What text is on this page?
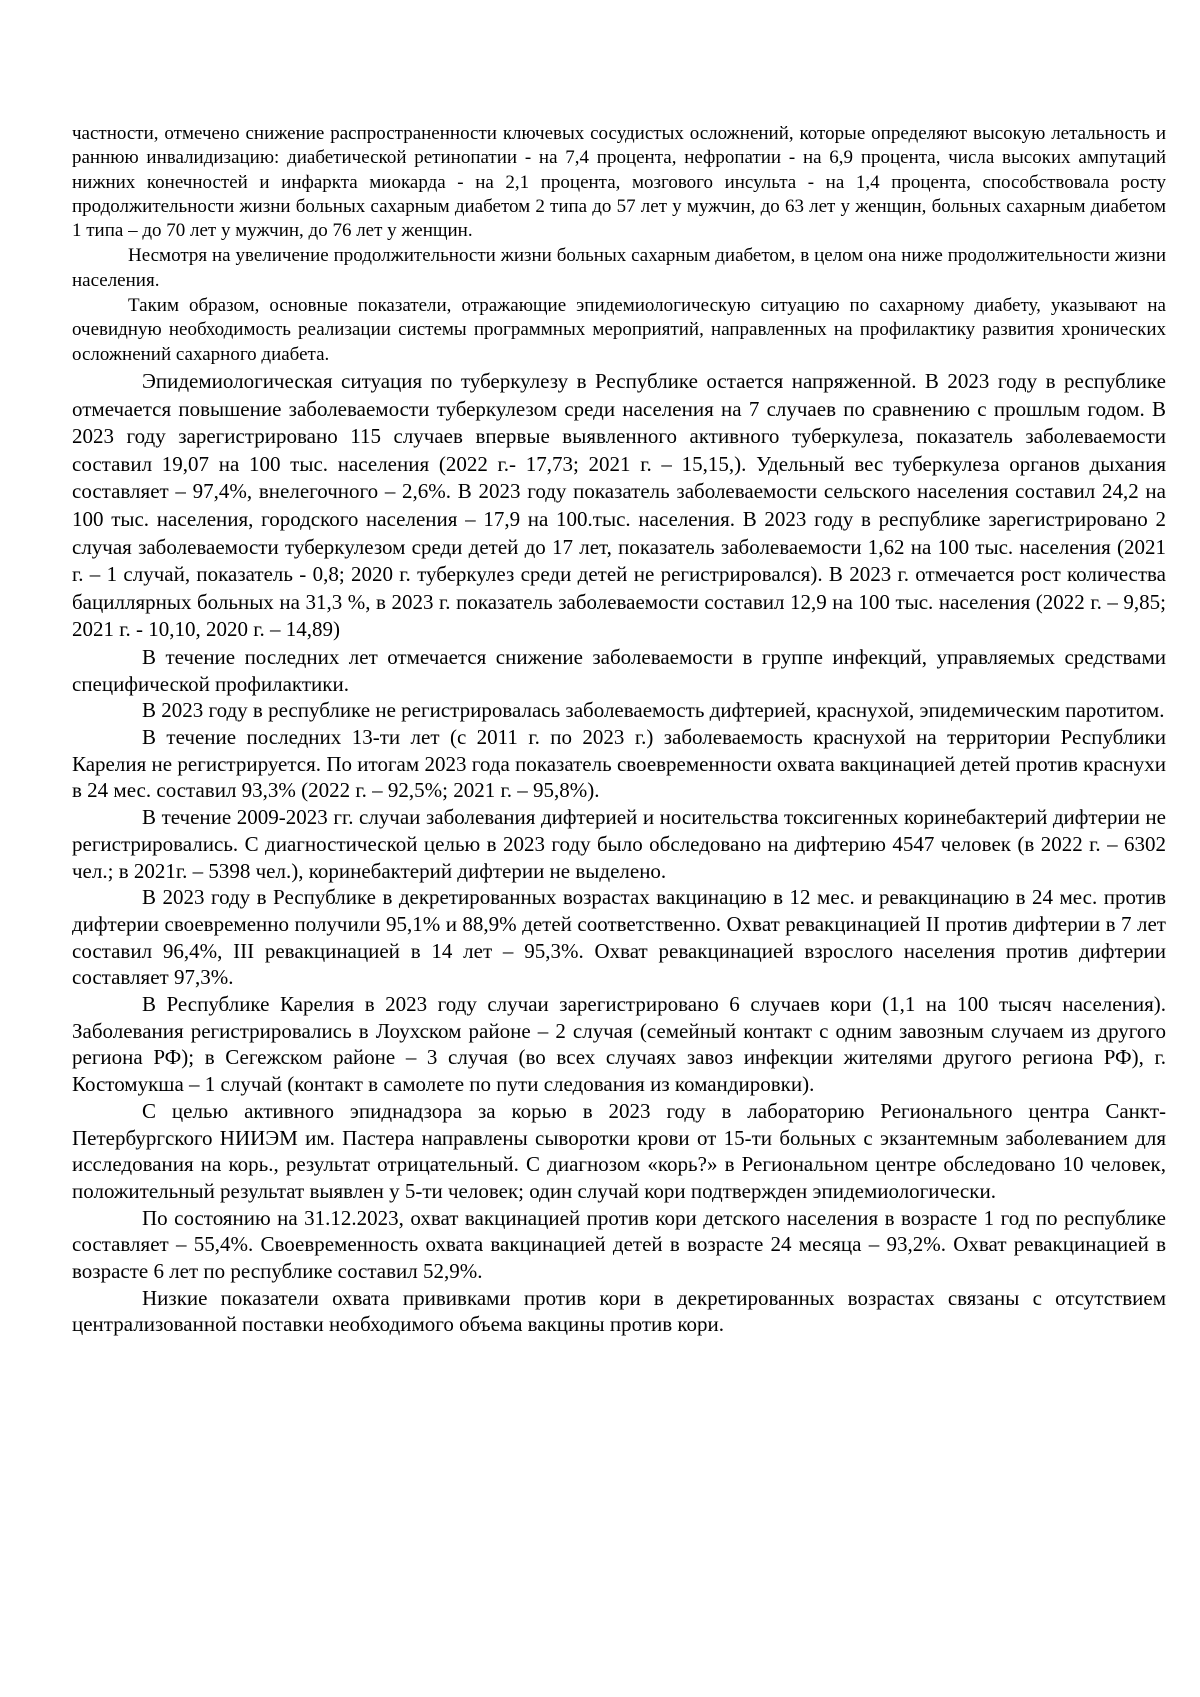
частности, отмечено снижение распространенности ключевых сосудистых осложнений, которые определяют высокую летальность и раннюю инвалидизацию: диабетической ретинопатии - на 7,4 процента, нефропатии - на 6,9 процента, числа высоких ампутаций нижних конечностей и инфаркта миокарда - на 2,1 процента, мозгового инсульта - на 1,4 процента, способствовала росту продолжительности жизни больных сахарным диабетом 2 типа до 57 лет у мужчин, до 63 лет у женщин, больных сахарным диабетом 1 типа – до 70 лет у мужчин, до 76 лет у женщин.

Несмотря на увеличение продолжительности жизни больных сахарным диабетом, в целом она ниже продолжительности жизни населения.

Таким образом, основные показатели, отражающие эпидемиологическую ситуацию по сахарному диабету, указывают на очевидную необходимость реализации системы программных мероприятий, направленных на профилактику развития хронических осложнений сахарного диабета.

Эпидемиологическая ситуация по туберкулезу в Республике остается напряженной. В 2023 году в республике отмечается повышение заболеваемости туберкулезом среди населения на 7 случаев по сравнению с прошлым годом. В 2023 году зарегистрировано 115 случаев впервые выявленного активного туберкулеза, показатель заболеваемости составил 19,07 на 100 тыс. населения (2022 г.- 17,73; 2021 г. – 15,15,). Удельный вес туберкулеза органов дыхания составляет – 97,4%, внелегочного – 2,6%. В 2023 году показатель заболеваемости сельского населения составил 24,2 на 100 тыс. населения, городского населения – 17,9 на 100.тыс. населения. В 2023 году в республике зарегистрировано 2 случая заболеваемости туберкулезом среди детей до 17 лет, показатель заболеваемости 1,62 на 100 тыс. населения (2021 г. – 1 случай, показатель - 0,8; 2020 г. туберкулез среди детей не регистрировался). В 2023 г. отмечается рост количества бациллярных больных на 31,3 %, в 2023 г. показатель заболеваемости составил 12,9 на 100 тыс. населения (2022 г. – 9,85; 2021 г. - 10,10, 2020 г. – 14,89)

В течение последних лет отмечается снижение заболеваемости в группе инфекций, управляемых средствами специфической профилактики.

В 2023 году в республике не регистрировалась заболеваемость дифтерией, краснухой, эпидемическим паротитом.

В течение последних 13-ти лет (с 2011 г. по 2023 г.) заболеваемость краснухой на территории Республики Карелия не регистрируется. По итогам 2023 года показатель своевременности охвата вакцинацией детей против краснухи в 24 мес. составил 93,3% (2022 г. – 92,5%; 2021 г. – 95,8%).

В течение 2009-2023 гг. случаи заболевания дифтерией и носительства токсигенных коринебактерий дифтерии не регистрировались. С диагностической целью в 2023 году было обследовано на дифтерию 4547 человек (в 2022 г. – 6302 чел.; в 2021г. – 5398 чел.), коринебактерий дифтерии не выделено.

В 2023 году в Республике в декретированных возрастах вакцинацию в 12 мес. и ревакцинацию в 24 мес. против дифтерии своевременно получили 95,1% и 88,9% детей соответственно. Охват ревакцинацией II против дифтерии в 7 лет составил 96,4%, III ревакцинацией в 14 лет – 95,3%. Охват ревакцинацией взрослого населения против дифтерии составляет 97,3%.

В Республике Карелия в 2023 году случаи зарегистрировано 6 случаев кори (1,1 на 100 тысяч населения). Заболевания регистрировались в Лоухском районе – 2 случая (семейный контакт с одним завозным случаем из другого региона РФ); в Сегежском районе – 3 случая (во всех случаях завоз инфекции жителями другого региона РФ), г. Костомукша – 1 случай (контакт в самолете по пути следования из командировки).

С целью активного эпиднадзора за корью в 2023 году в лабораторию Регионального центра Санкт-Петербургского НИИЭМ им. Пастера направлены сыворотки крови от 15-ти больных с экзантемным заболеванием для исследования на корь., результат отрицательный. С диагнозом «корь?» в Региональном центре обследовано 10 человек, положительный результат выявлен у 5-ти человек; один случай кори подтвержден эпидемиологически.

По состоянию на 31.12.2023, охват вакцинацией против кори детского населения в возрасте 1 год по республике составляет – 55,4%. Своевременность охвата вакцинацией детей в возрасте 24 месяца – 93,2%. Охват ревакцинацией в возрасте 6 лет по республике составил 52,9%.

Низкие показатели охвата прививками против кори в декретированных возрастах связаны с отсутствием централизованной поставки необходимого объема вакцины против кори.
